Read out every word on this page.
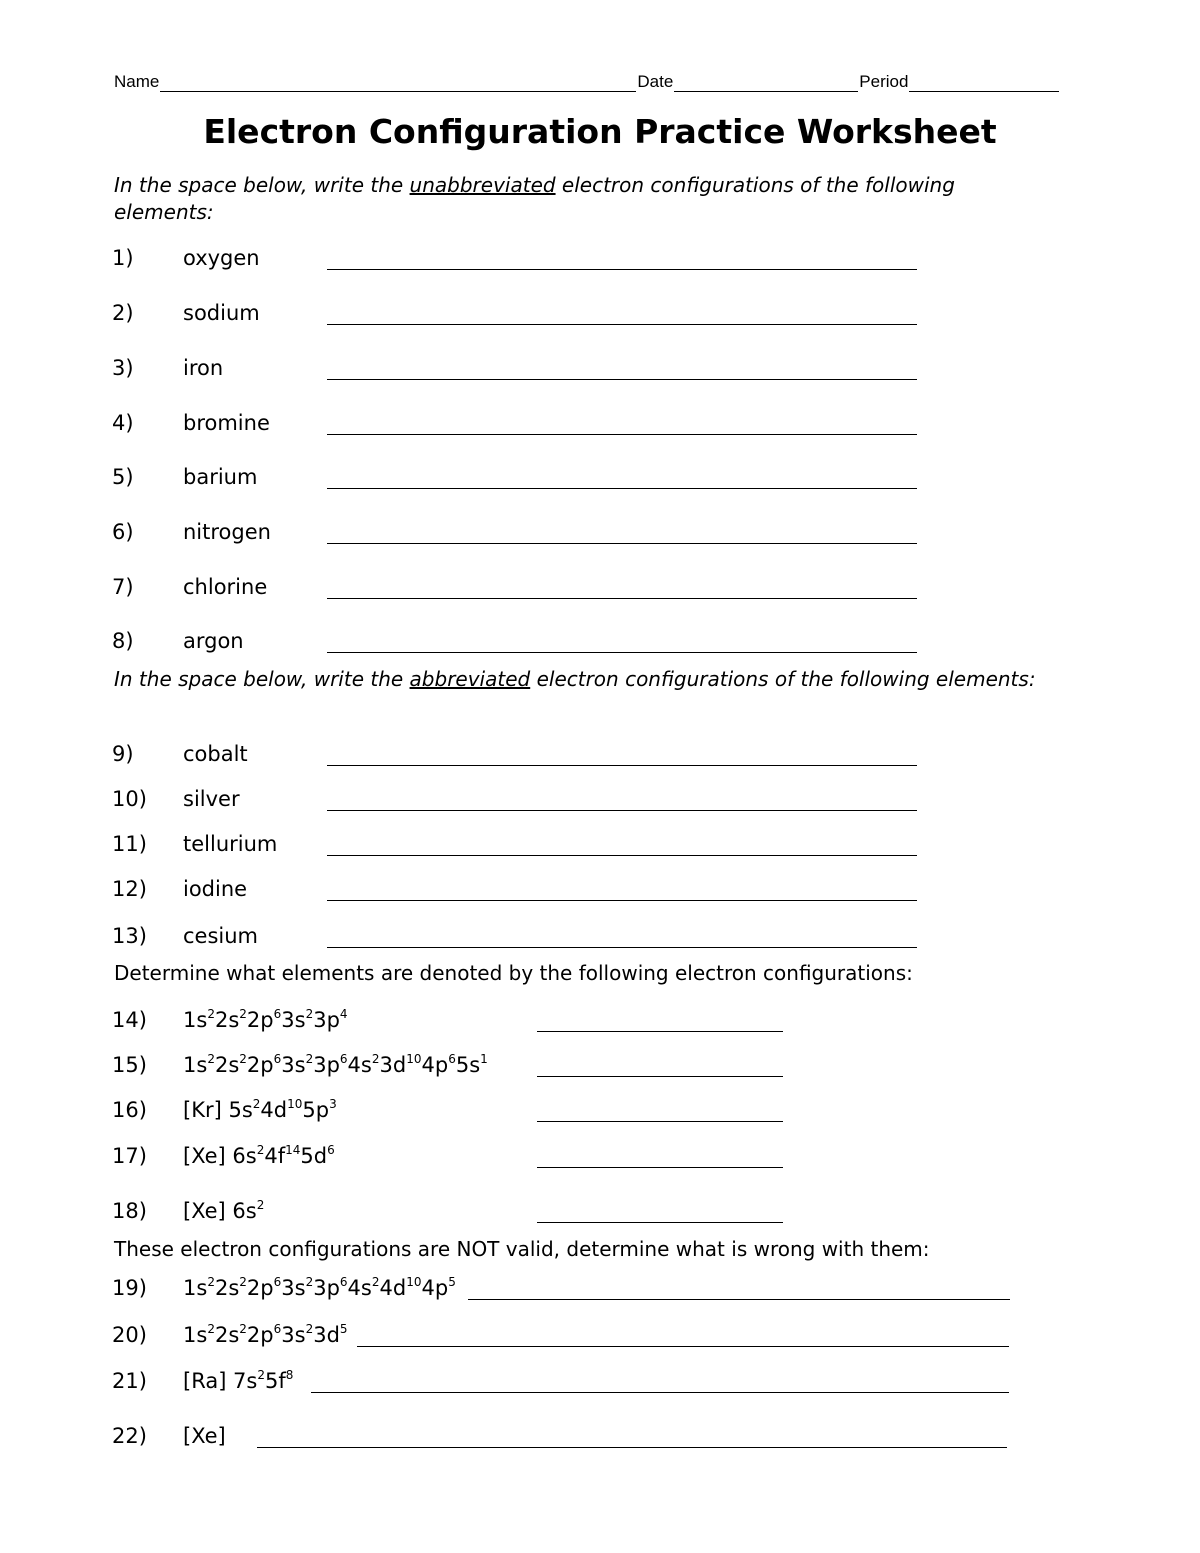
Name	Date	Period
Electron Configuration Practice Worksheet
In the space below, write the unabbreviated electron configurations of the following elements:
1) oxygen
2) sodium
3) iron
4) bromine
5) barium
6) nitrogen
7) chlorine
8) argon
In the space below, write the abbreviated electron configurations of the following elements:
9) cobalt
10) silver
11) tellurium
12) iodine
13) cesium
Determine what elements are denoted by the following electron configurations:
14) $1s^22s^22p^63s^23p^4$
15) $1s^22s^22p^63s^23p^64s^23d^{10}4p^65s^1$
16) [Kr] $5s^24d^{10}5p^3$
17) [Xe] $6s^24f^{14}5d^6$
18) [Xe] $6s^2$
These electron configurations are NOT valid, determine what is wrong with them:
19) $1s^22s^22p^63s^23p^64s^24d^{10}4p^5$
20) $1s^22s^22p^63s^23d^5$
21) [Ra] $7s^25f^8$
22) [Xe]
